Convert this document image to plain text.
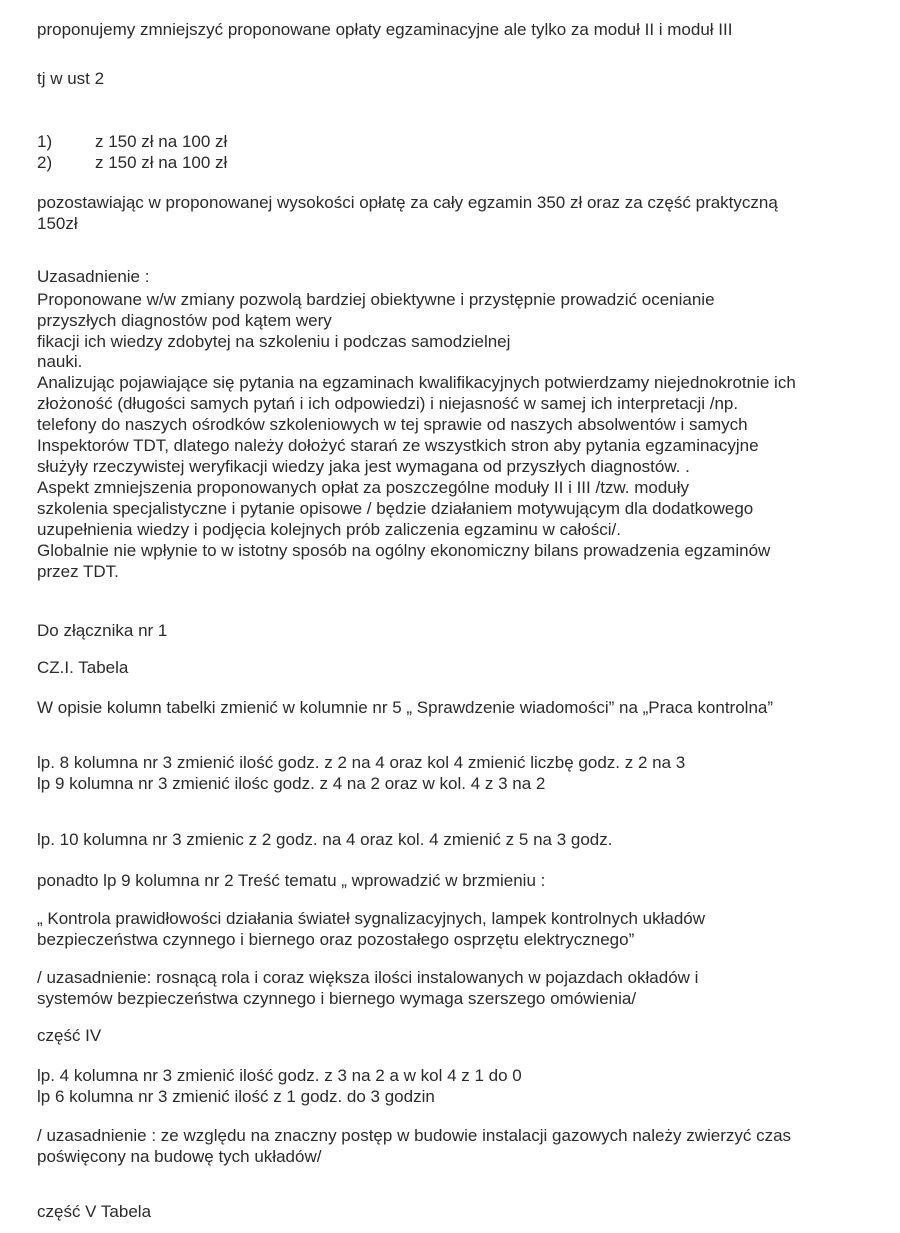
proponujemy zmniejszyć proponowane opłaty egzaminacyjne ale tylko za moduł II i moduł III

tj w ust 2

1)	z 150 zł na 100 zł
2)	z 150 zł na 100 zł

pozostawiając w proponowanej wysokości opłatę za cały egzamin 350 zł oraz za część praktyczną

150zł

Uzasadnienie :

Proponowane w/w zmiany pozwolą bardziej obiektywne i przystępnie prowadzić ocenianie

przyszłych diagnostów pod kątem wery

fikacji ich wiedzy zdobytej na szkoleniu i podczas samodzielnej

nauki.

Analizując pojawiające się pytania na egzaminach kwalifikacyjnych potwierdzamy niejednokrotnie ich

złożoność (długości samych pytań i ich odpowiedzi) i niejasność w samej ich interpretacji /np.

telefony do naszych ośrodków szkoleniowych w tej sprawie od naszych absolwentów i samych

Inspektorów TDT, dlatego należy dołożyć starań ze wszystkich stron aby pytania egzaminacyjne

służyły rzeczywistej weryfikacji wiedzy jaka jest wymagana od przyszłych diagnostów. .

Aspekt zmniejszenia proponowanych opłat za poszczególne moduły II i III /tzw. moduły

szkolenia specjalistyczne i pytanie opisowe / będzie działaniem motywującym dla dodatkowego

uzupełnienia wiedzy i podjęcia kolejnych prób zaliczenia egzaminu w całości/.

Globalnie nie wpłynie to w istotny sposób na ogólny ekonomiczny bilans prowadzenia egzaminów

przez TDT.

Do złącznika nr 1

CZ.I. Tabela

W opisie kolumn tabelki zmienić w kolumnie nr 5 „ Sprawdzenie wiadomości” na „Praca kontrolna”

lp. 8 kolumna nr 3 zmienić ilość godz. z 2 na 4 oraz kol 4 zmienić liczbę godz. z 2 na 3

lp 9 kolumna nr 3 zmienić ilośc godz. z 4 na 2 oraz w kol. 4 z 3 na 2

lp. 10 kolumna nr 3 zmienic z 2 godz. na 4 oraz kol. 4 zmienić z 5 na 3 godz.

ponadto lp 9 kolumna nr 2 Treść tematu „ wprowadzić w brzmieniu :

„ Kontrola prawidłowości działania świateł sygnalizacyjnych, lampek kontrolnych układów

bezpieczeństwa czynnego i biernego oraz pozostałego osprzętu elektrycznego”

/ uzasadnienie: rosnącą rola i coraz większa ilości instalowanych w pojazdach okładów i

systemów bezpieczeństwa czynnego i biernego wymaga szerszego omówienia/

część IV

lp. 4 kolumna nr 3 zmienić ilość godz. z 3 na 2 a w kol 4 z 1 do 0

lp 6 kolumna nr 3 zmienić ilość z 1 godz. do 3 godzin

/ uzasadnienie : ze względu na znaczny postęp w budowie instalacji gazowych należy zwierzyć czas

poświęcony na budowę tych układów/

część V Tabela
